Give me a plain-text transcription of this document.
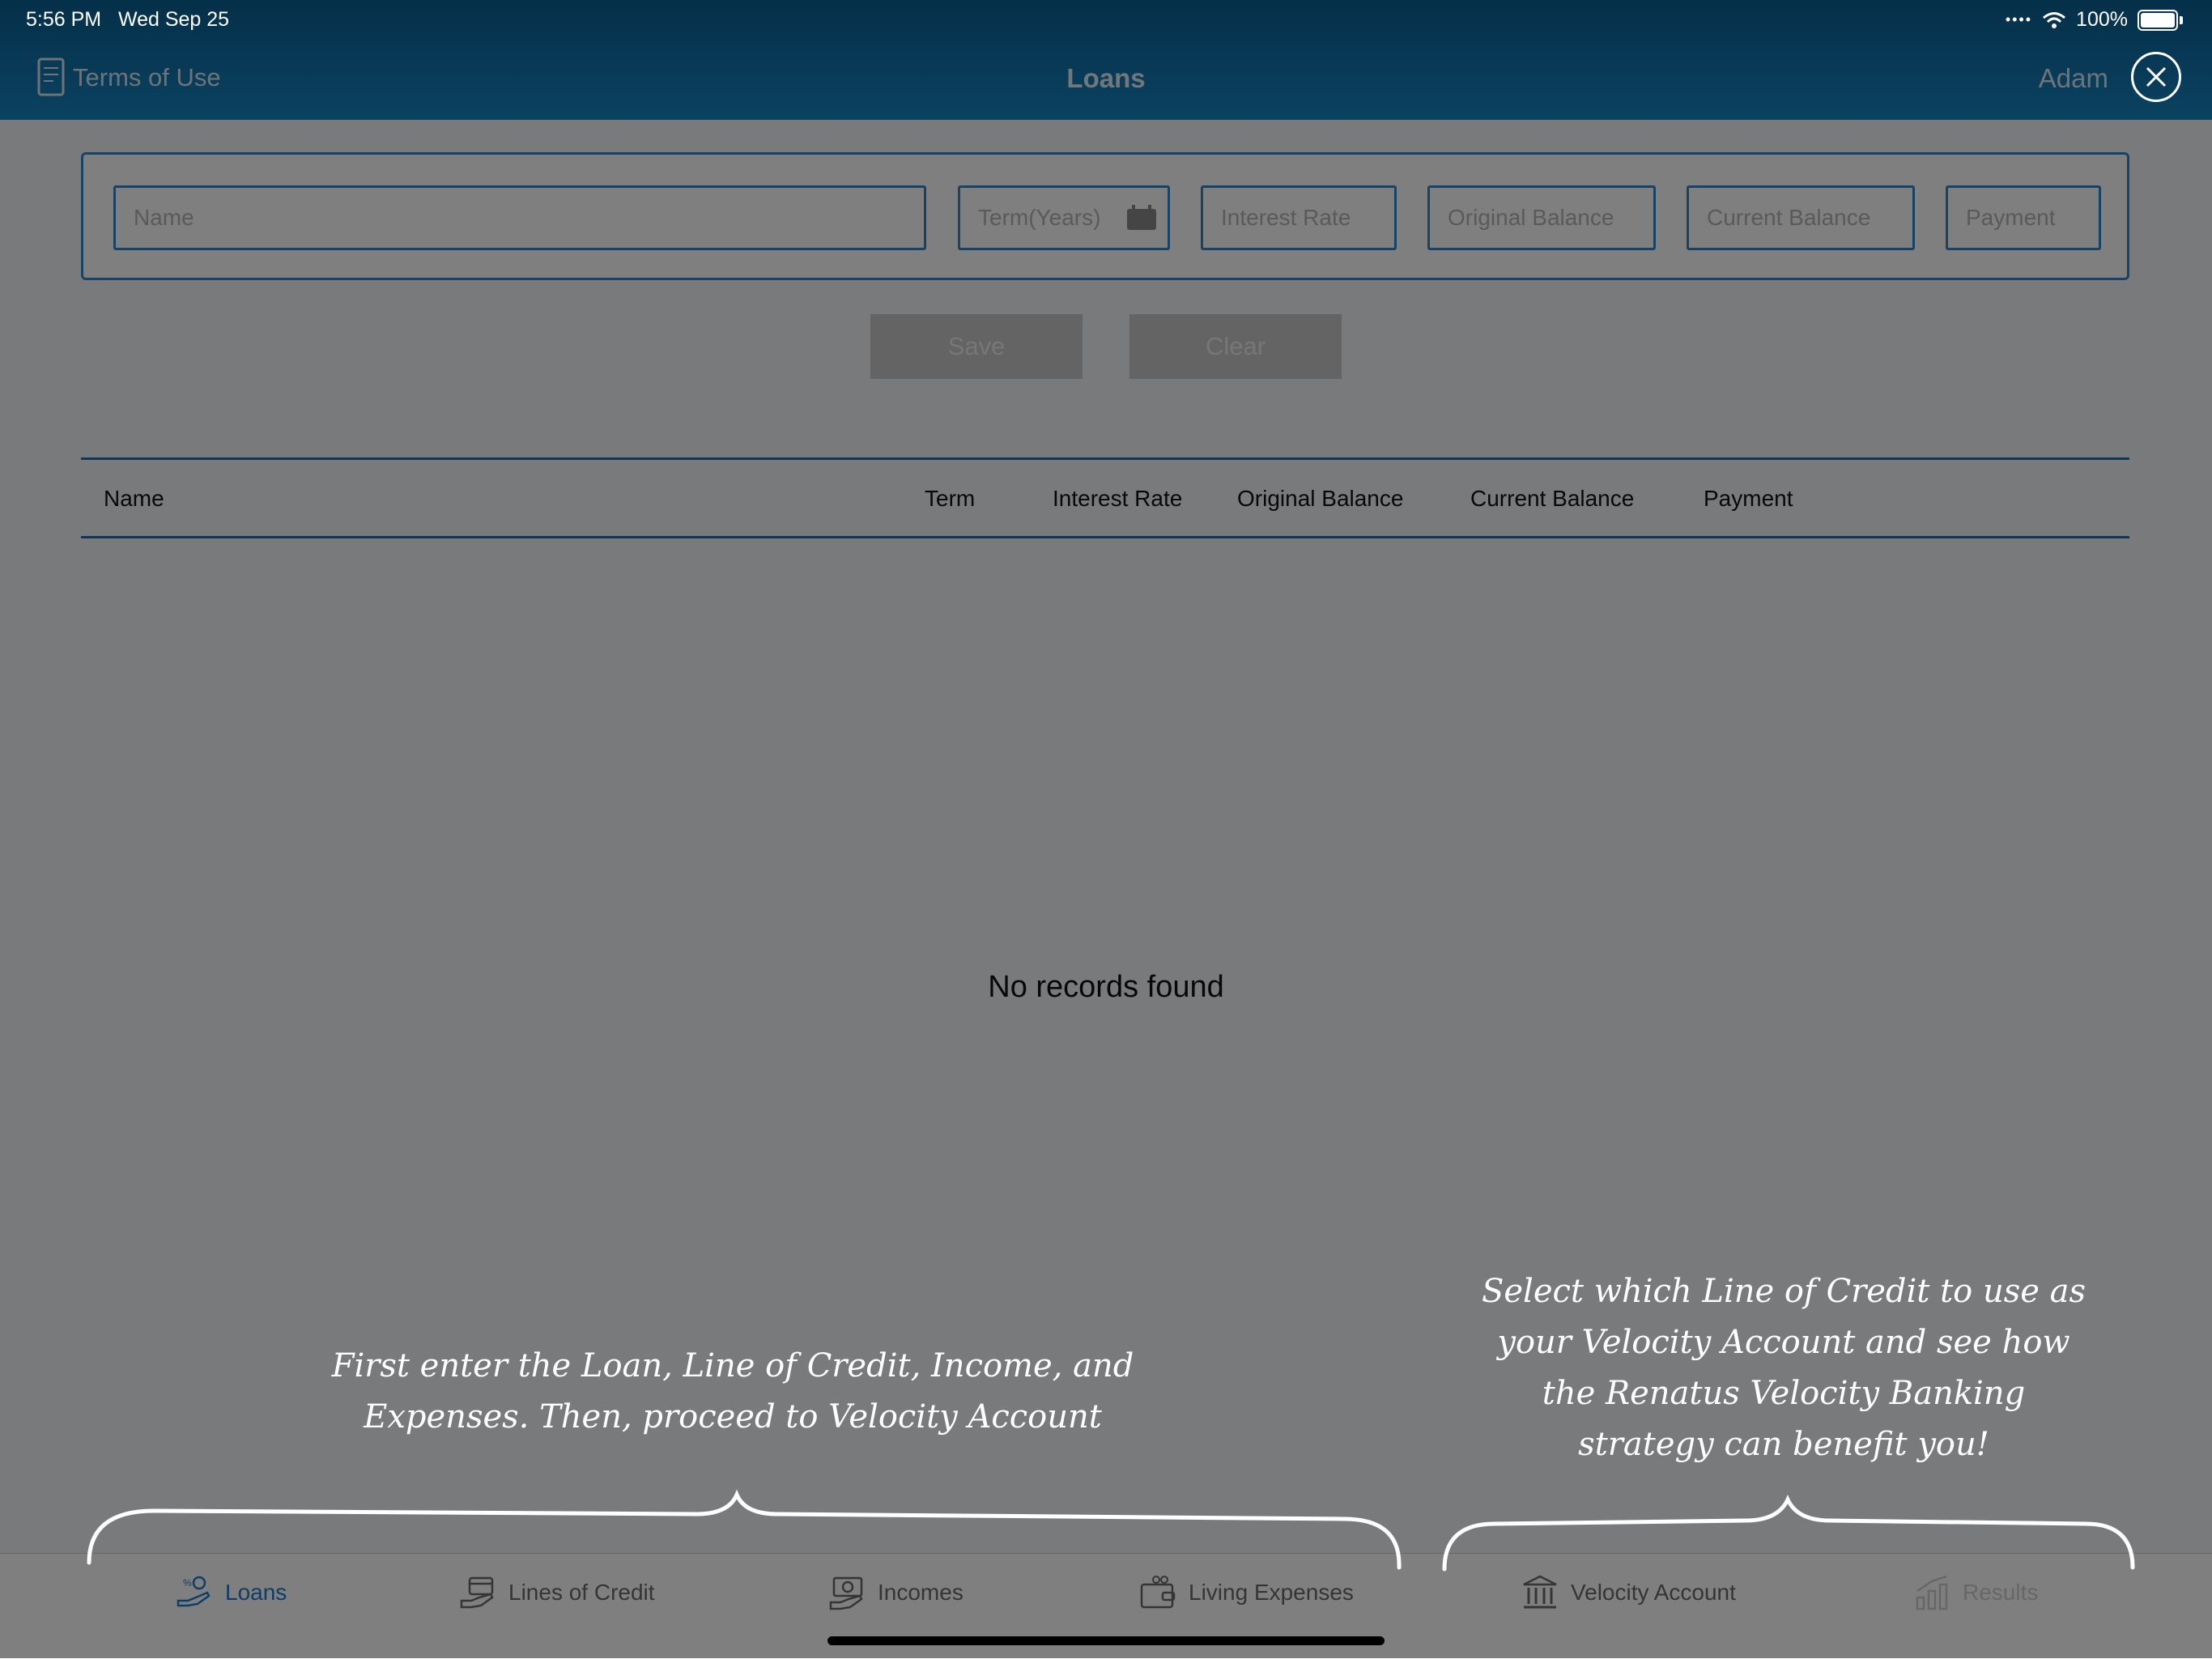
5:56 PM Wed Sep 25	•••• 100%
First enter the Loan, Line of Credit, Income, and Expenses. Then, proceed to Velocity Account
Select which Line of Credit to use as your Velocity Account and see how the Renatus Velocity Banking strategy can benefit you!
